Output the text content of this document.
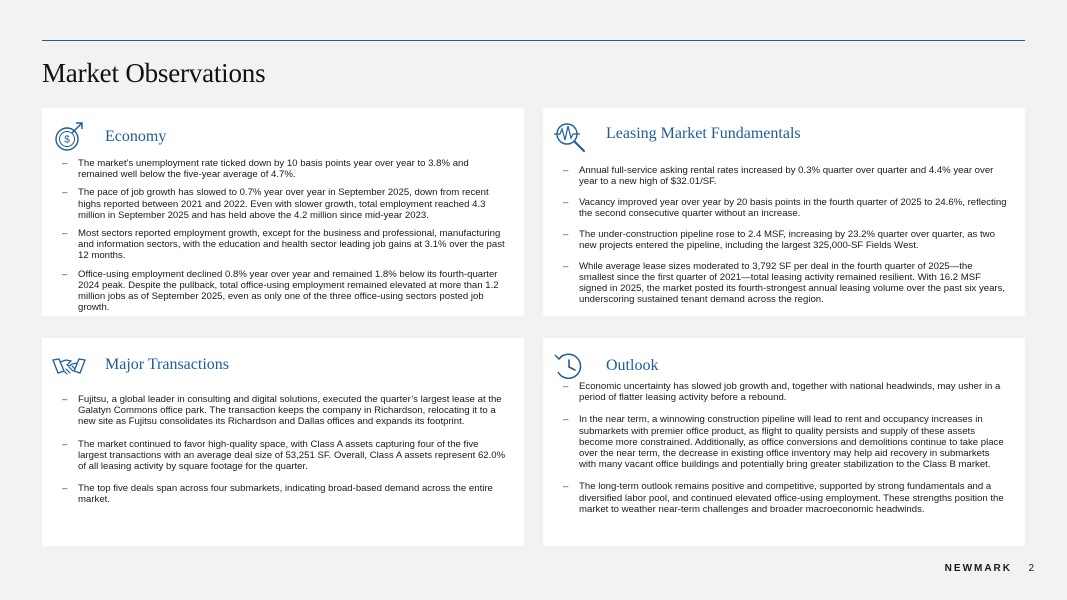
Market Observations
$ Economy
– The market’s unemployment rate ticked down by 10 basis points year over year to 3.8% and remained well below the five-year average of 4.7%.
– The pace of job growth has slowed to 0.7% year over year in September 2025, down from recent highs reported between 2021 and 2022. Even with slower growth, total employment reached 4.3 million in September 2025 and has held above the 4.2 million since mid-year 2023.
– Most sectors reported employment growth, except for the business and professional, manufacturing and information sectors, with the education and health sector leading job gains at 3.1% over the past 12 months.
– Office-using employment declined 0.8% year over year and remained 1.8% below its fourth-quarter 2024 peak. Despite the pullback, total office-using employment remained elevated at more than 1.2 million jobs as of September 2025, even as only one of the three office-using sectors posted job growth.
Leasing Market Fundamentals
– Annual full-service asking rental rates increased by 0.3% quarter over quarter and 4.4% year over year to a new high of $32.01/SF.
– Vacancy improved year over year by 20 basis points in the fourth quarter of 2025 to 24.6%, reflecting the second consecutive quarter without an increase.
– The under-construction pipeline rose to 2.4 MSF, increasing by 23.2% quarter over quarter, as two new projects entered the pipeline, including the largest 325,000-SF Fields West.
– While average lease sizes moderated to 3,792 SF per deal in the fourth quarter of 2025—the smallest since the first quarter of 2021—total leasing activity remained resilient. With 16.2 MSF signed in 2025, the market posted its fourth-strongest annual leasing volume over the past six years, underscoring sustained tenant demand across the region.
Major Transactions
– Fujitsu, a global leader in consulting and digital solutions, executed the quarter’s largest lease at the Galatyn Commons office park. The transaction keeps the company in Richardson, relocating it to a new site as Fujitsu consolidates its Richardson and Dallas offices and expands its footprint.
– The market continued to favor high-quality space, with Class A assets capturing four of the five largest transactions with an average deal size of 53,251 SF. Overall, Class A assets represent 62.0% of all leasing activity by square footage for the quarter.
– The top five deals span across four submarkets, indicating broad-based demand across the entire market.
Outlook
– Economic uncertainty has slowed job growth and, together with national headwinds, may usher in a period of flatter leasing activity before a rebound.
– In the near term, a winnowing construction pipeline will lead to rent and occupancy increases in submarkets with premier office product, as flight to quality persists and supply of these assets become more constrained. Additionally, as office conversions and demolitions continue to take place over the near term, the decrease in existing office inventory may help aid recovery in submarkets with many vacant office buildings and potentially bring greater stabilization to the Class B market.
– The long-term outlook remains positive and competitive, supported by strong fundamentals and a diversified labor pool, and continued elevated office-using employment. These strengths position the market to weather near-term challenges and broader macroeconomic headwinds.
NEWMARK 2
